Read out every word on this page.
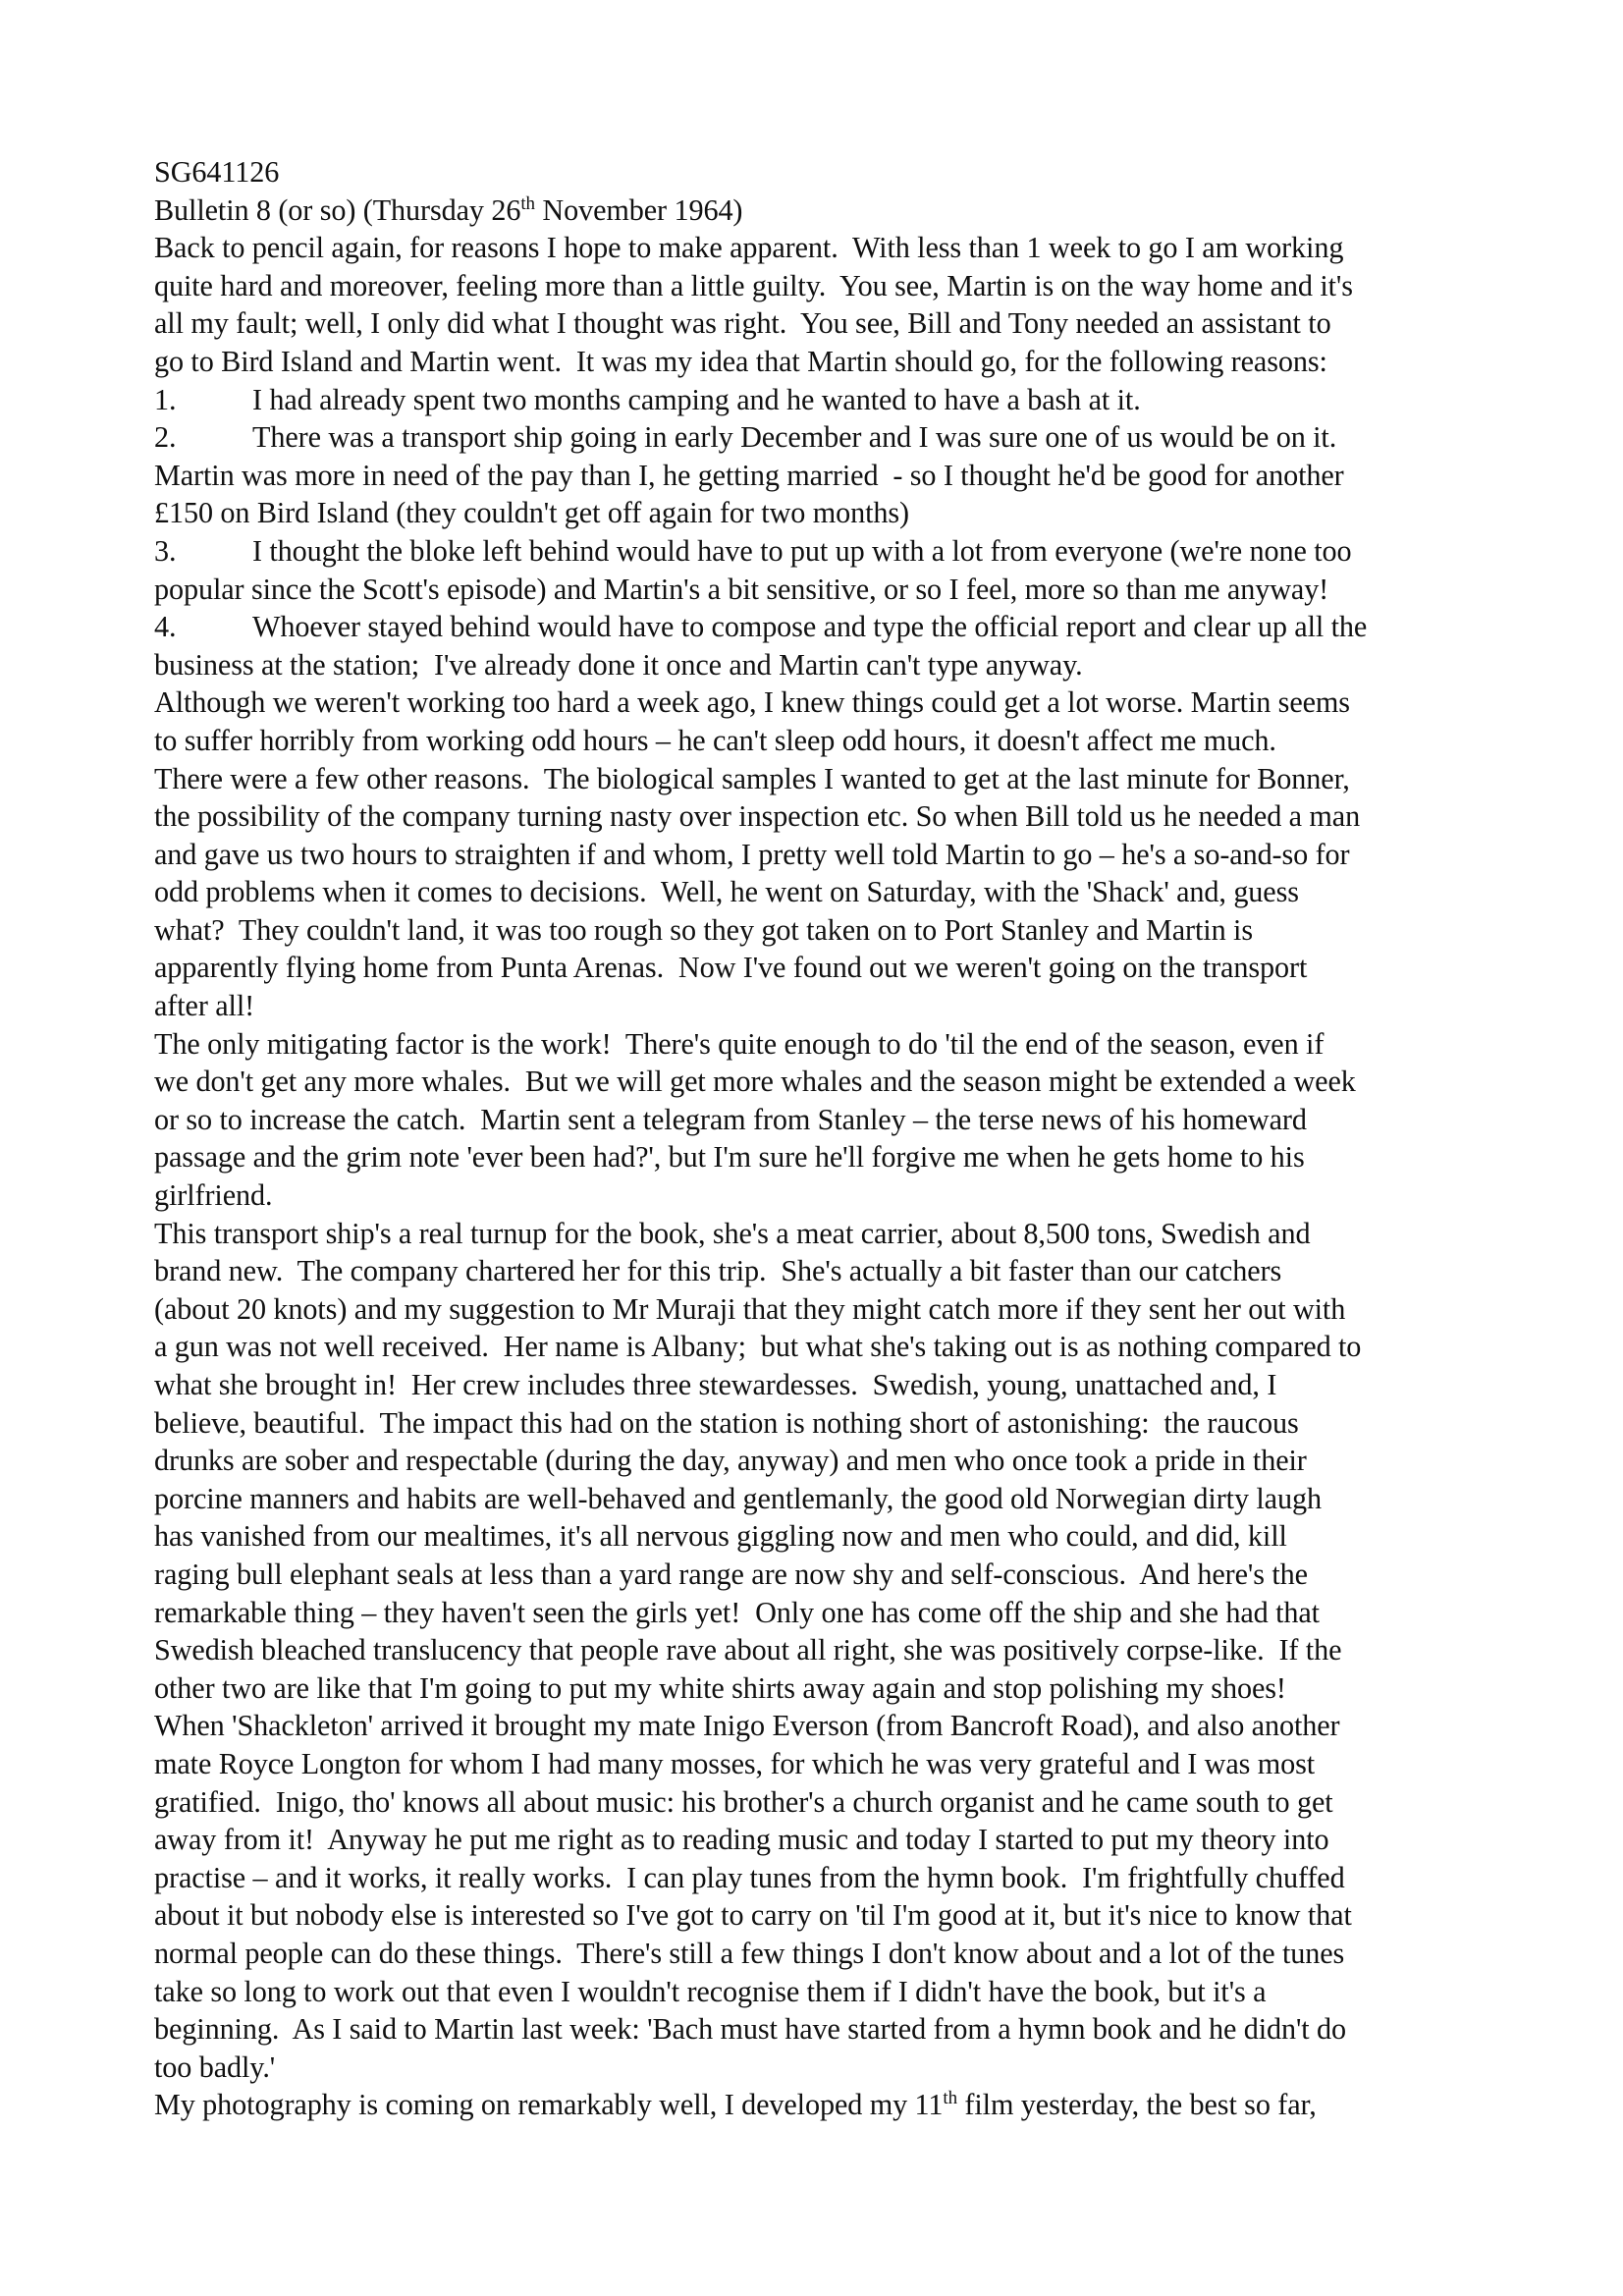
SG641126
Bulletin 8 (or so) (Thursday 26th November 1964)
Back to pencil again, for reasons I hope to make apparent.  With less than 1 week to go I am working
quite hard and moreover, feeling more than a little guilty.  You see, Martin is on the way home and it's
all my fault; well, I only did what I thought was right.  You see, Bill and Tony needed an assistant to
go to Bird Island and Martin went.  It was my idea that Martin should go, for the following reasons:
1.	I had already spent two months camping and he wanted to have a bash at it.
2.	There was a transport ship going in early December and I was sure one of us would be on it.
Martin was more in need of the pay than I, he getting married  - so I thought he'd be good for another
£150 on Bird Island (they couldn't get off again for two months)
3.	I thought the bloke left behind would have to put up with a lot from everyone (we're none too
popular since the Scott's episode) and Martin's a bit sensitive, or so I feel, more so than me anyway!
4.	Whoever stayed behind would have to compose and type the official report and clear up all the
business at the station;  I've already done it once and Martin can't type anyway.
Although we weren't working too hard a week ago, I knew things could get a lot worse. Martin seems
to suffer horribly from working odd hours – he can't sleep odd hours, it doesn't affect me much.
There were a few other reasons.  The biological samples I wanted to get at the last minute for Bonner,
the possibility of the company turning nasty over inspection etc. So when Bill told us he needed a man
and gave us two hours to straighten if and whom, I pretty well told Martin to go – he's a so-and-so for
odd problems when it comes to decisions.  Well, he went on Saturday, with the 'Shack' and, guess
what?  They couldn't land, it was too rough so they got taken on to Port Stanley and Martin is
apparently flying home from Punta Arenas.  Now I've found out we weren't going on the transport
after all!
The only mitigating factor is the work!  There's quite enough to do 'til the end of the season, even if
we don't get any more whales.  But we will get more whales and the season might be extended a week
or so to increase the catch.  Martin sent a telegram from Stanley – the terse news of his homeward
passage and the grim note 'ever been had?', but I'm sure he'll forgive me when he gets home to his
girlfriend.
This transport ship's a real turnup for the book, she's a meat carrier, about 8,500 tons, Swedish and
brand new.  The company chartered her for this trip.  She's actually a bit faster than our catchers
(about 20 knots) and my suggestion to Mr Muraji that they might catch more if they sent her out with
a gun was not well received.  Her name is Albany;  but what she's taking out is as nothing compared to
what she brought in!  Her crew includes three stewardesses.  Swedish, young, unattached and, I
believe, beautiful.  The impact this had on the station is nothing short of astonishing:  the raucous
drunks are sober and respectable (during the day, anyway) and men who once took a pride in their
porcine manners and habits are well-behaved and gentlemanly, the good old Norwegian dirty laugh
has vanished from our mealtimes, it's all nervous giggling now and men who could, and did, kill
raging bull elephant seals at less than a yard range are now shy and self-conscious.  And here's the
remarkable thing – they haven't seen the girls yet!  Only one has come off the ship and she had that
Swedish bleached translucency that people rave about all right, she was positively corpse-like.  If the
other two are like that I'm going to put my white shirts away again and stop polishing my shoes!
When 'Shackleton' arrived it brought my mate Inigo Everson (from Bancroft Road), and also another
mate Royce Longton for whom I had many mosses, for which he was very grateful and I was most
gratified.  Inigo, tho' knows all about music: his brother's a church organist and he came south to get
away from it!  Anyway he put me right as to reading music and today I started to put my theory into
practise – and it works, it really works.  I can play tunes from the hymn book.  I'm frightfully chuffed
about it but nobody else is interested so I've got to carry on 'til I'm good at it, but it's nice to know that
normal people can do these things.  There's still a few things I don't know about and a lot of the tunes
take so long to work out that even I wouldn't recognise them if I didn't have the book, but it's a
beginning.  As I said to Martin last week: 'Bach must have started from a hymn book and he didn't do
too badly.'
My photography is coming on remarkably well, I developed my 11th film yesterday, the best so far,
